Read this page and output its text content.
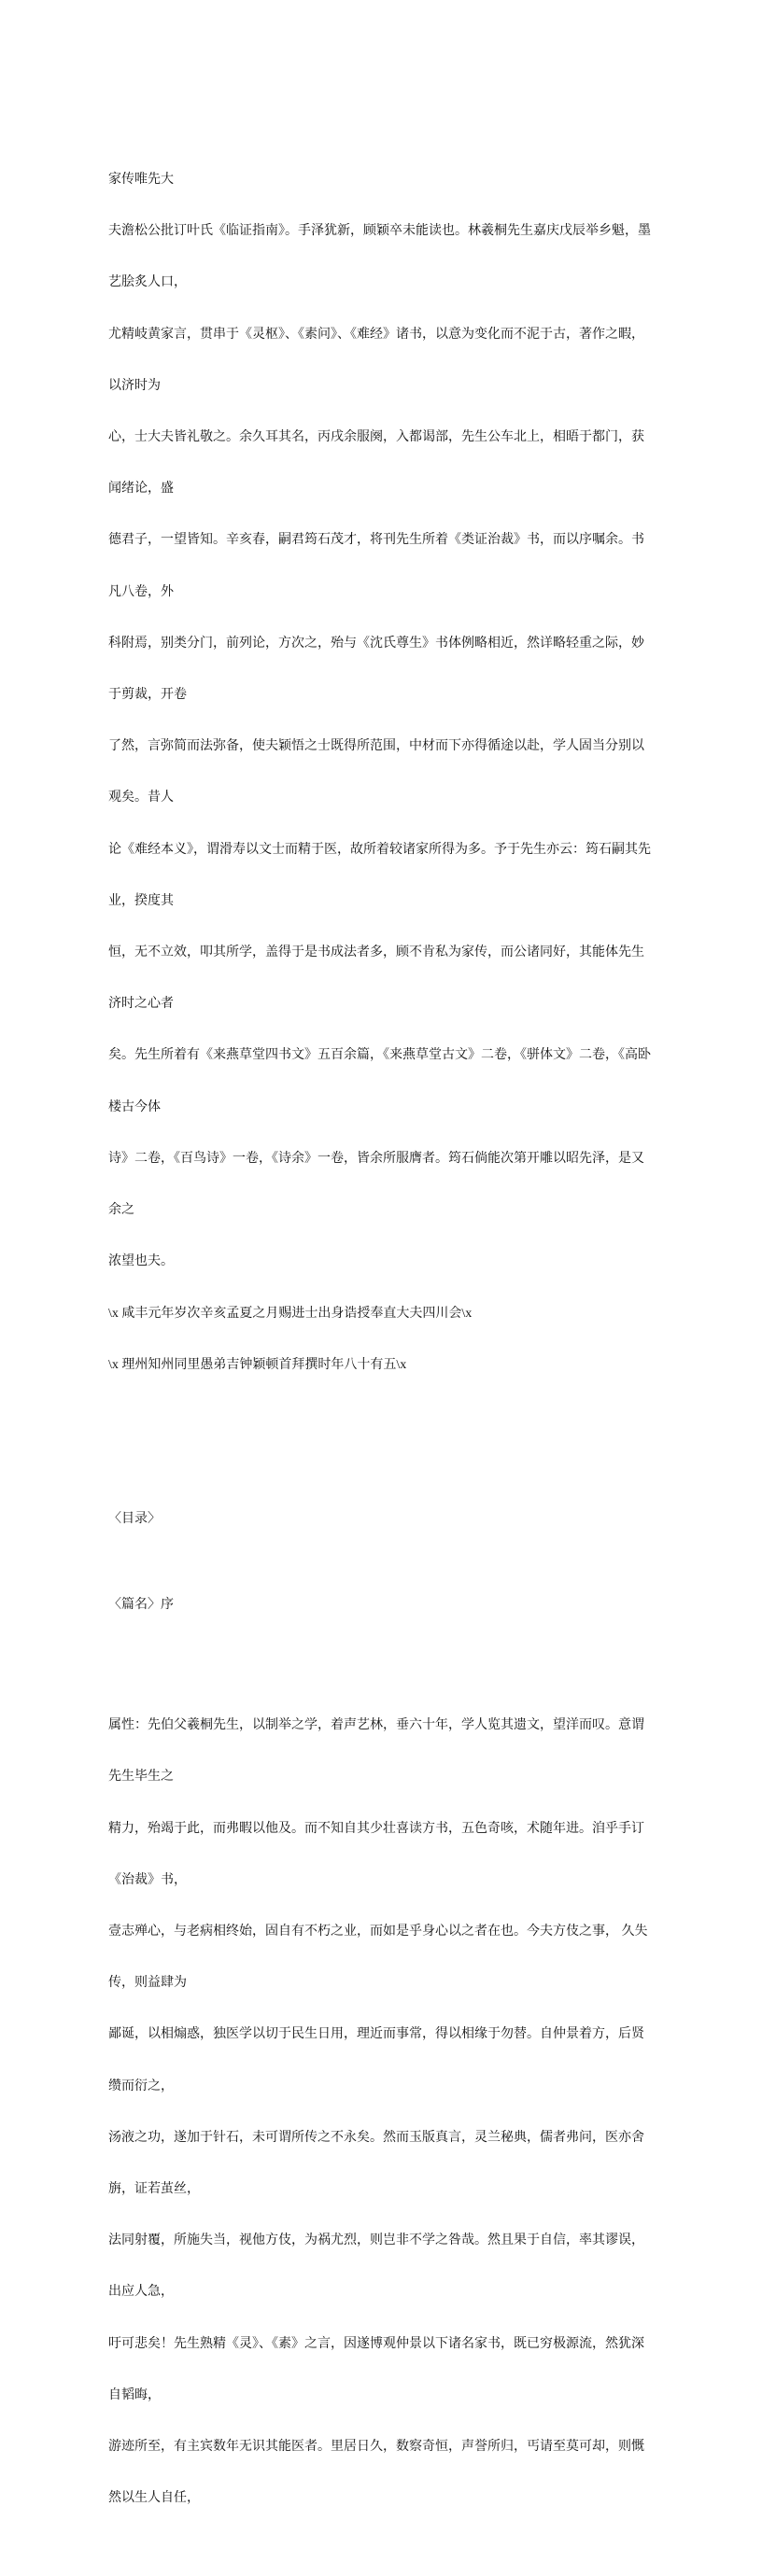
家传唯先大

夫澹松公批订叶氏《临证指南》。手泽犹新，顾颖卒未能读也。林羲桐先生嘉庆戊辰举乡魁，墨

艺脍炙人口，

尤精岐黄家言，贯串于《灵枢》、《素问》、《难经》诸书，以意为变化而不泥于古，著作之暇，

以济时为

心，士大夫皆礼敬之。余久耳其名，丙戌余服阕，入都谒部，先生公车北上，相晤于都门，获

闻绪论，盛

德君子，一望皆知。辛亥春，嗣君筠石茂才，将刊先生所着《类证治裁》书，而以序嘱余。书

凡八卷，外

科附焉，别类分门，前列论，方次之，殆与《沈氏尊生》书体例略相近，然详略轻重之际，妙

于剪裁，开卷

了然，言弥简而法弥备，使夫颖悟之士既得所范围，中材而下亦得循途以赴，学人固当分别以

观矣。昔人

论《难经本义》，谓滑寿以文士而精于医，故所着较诸家所得为多。予于先生亦云：筠石嗣其先

业，揆度其

恒，无不立效，叩其所学，盖得于是书成法者多，顾不肯私为家传，而公诸同好，其能体先生

济时之心者

矣。先生所着有《来燕草堂四书文》五百余篇，《来燕草堂古文》二卷，《骈体文》二卷，《高卧

楼古今体

诗》二卷，《百鸟诗》一卷，《诗余》一卷，皆余所服膺者。筠石倘能次第开雕以昭先泽，是又

余之

浓望也夫。

\x 咸丰元年岁次辛亥孟夏之月赐进士出身诰授奉直大夫四川会\x

\x 理州知州同里愚弟吉钟颖顿首拜撰时年八十有五\x

〈目录〉

〈篇名〉序

属性：先伯父羲桐先生，以制举之学，着声艺林，垂六十年，学人览其遗文，望洋而叹。意谓

先生毕生之

精力，殆竭于此，而弗暇以他及。而不知自其少壮喜读方书，五色奇咳，术随年进。洎乎手订

《治裁》书，

壹志殚心，与老病相终始，固自有不朽之业，而如是乎身心以之者在也。今夫方伎之事， 久失

传，则益肆为

鄙诞，以相煽惑，独医学以切于民生日用，理近而事常，得以相缘于勿替。自仲景着方，后贤

缵而衍之，

汤液之功，遂加于针石，未可谓所传之不永矣。然而玉版真言，灵兰秘典，儒者弗问，医亦舍

旃，证若茧丝，

法同射覆，所施失当，视他方伎，为祸尤烈，则岂非不学之咎哉。然且果于自信，率其谬误，

出应人急，

吁可悲矣！先生熟精《灵》、《素》之言，因遂博观仲景以下诸名家书，既已穷极源流，然犹深

自韬晦，

游迹所至，有主宾数年无识其能医者。里居日久，数察奇恒，声誉所归，丐请至莫可却，则慨

然以生人自任，
